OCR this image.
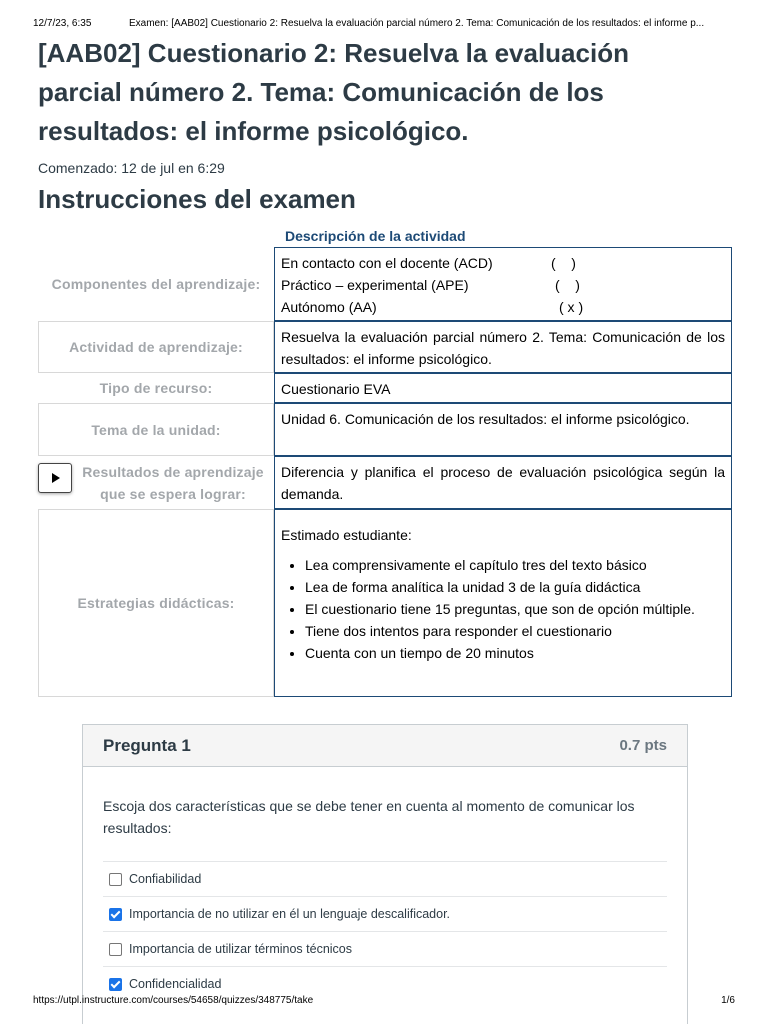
12/7/23, 6:35	Examen: [AAB02] Cuestionario 2: Resuelva la evaluación parcial número 2. Tema: Comunicación de los resultados: el informe p...
[AAB02] Cuestionario 2: Resuelva la evaluación parcial número 2. Tema: Comunicación de los resultados: el informe psicológico.
Comenzado: 12 de jul en 6:29
Instrucciones del examen
Descripción de la actividad
Componentes del aprendizaje:
En contacto con el docente (ACD)	(    )
Práctico – experimental (APE)	(    )
Autónomo (AA)	( x )
Actividad de aprendizaje:
Resuelva la evaluación parcial número 2. Tema: Comunicación de los resultados: el informe psicológico.
Tipo de recurso:	Cuestionario EVA
Tema de la unidad:
Unidad 6. Comunicación de los resultados: el informe psicológico.
Resultados de aprendizaje que se espera lograr:
Diferencia y planifica el proceso de evaluación psicológica según la demanda.
Estrategias didácticas:
Estimado estudiante:
• Lea comprensivamente el capítulo tres del texto básico
• Lea de forma analítica la unidad 3 de la guía didáctica
• El cuestionario tiene 15 preguntas, que son de opción múltiple.
• Tiene dos intentos para responder el cuestionario
• Cuenta con un tiempo de 20 minutos
Pregunta 1	0.7 pts
Escoja dos características que se debe tener en cuenta al momento de comunicar los resultados:
Confiabilidad
Importancia de no utilizar en él un lenguaje descalificador.
Importancia de utilizar términos técnicos
Confidencialidad
https://utpl.instructure.com/courses/54658/quizzes/348775/take	1/6
